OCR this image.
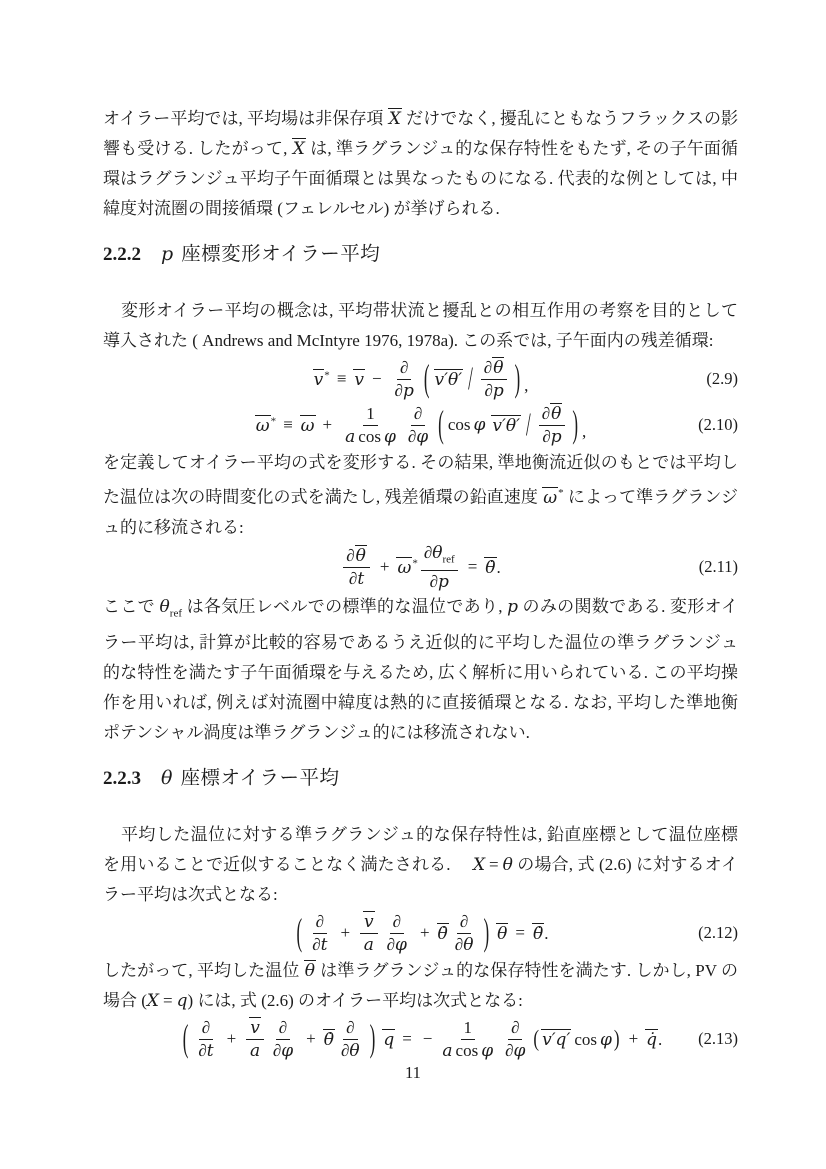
オイラー平均では, 平均場は非保存項 X だけでなく, 擾乱にともなうフラックスの影響も受ける. したがって, X は, 準ラグランジュ的な保存特性をもたず, その子午面循環はラグランジュ平均子午面循環とは異なったものになる. 代表的な例としては, 中緯度対流圏の間接循環 (フェレルセル) が挙げられる.

2.2.2 p 座標変形オイラー平均

変形オイラー平均の概念は, 平均帯状流と擾乱との相互作用の考察を目的として導入された ( Andrews and McIntyre 1976, 1978a). この系では, 子午面内の残差循環:

$v^* \equiv v - \frac{\partial}{\partial p}$ ( $v'\theta' / \frac{\partial\theta}{\partial p}$ ) ,	(2.9)
$\omega^* \equiv \omega + \frac{1}{\text{a cos φ}} \frac{\partial}{\partial\varphi}$ ( cos φ $v'\theta' / \frac{\partial\theta}{\partial p}$ ) ,	(2.10)

を定義してオイラー平均の式を変形する. その結果, 準地衡流近似のもとでは平均した温位は次の時間変化の式を満たし, 残差循環の鉛直速度 ω* によって準ラグランジュ的に移流される:

$\frac{\partial\theta}{\partial t} + \omega^* \frac{\partial\theta_{ref}}{\partial p}$ = θ̇.	(2.11)

ここで $\theta_{ref}$ は各気圧レベルでの標準的な温位であり, p のみの関数である. 変形オイラー平均は, 計算が比較的容易であるうえ近似的に平均した温位の準ラグランジュ的な特性を満たす子午面循環を与えるため, 広く解析に用いられている. この平均操作を用いれば, 例えば対流圏中緯度は熱的に直接循環となる. なお, 平均した準地衡ポテンシャル渦度は準ラグランジュ的には移流されない.

2.2.3 θ 座標オイラー平均

平均した温位に対する準ラグランジュ的な保存特性は, 鉛直座標として温位座標を用いることで近似することなく満たされる. X = θ の場合, 式 (2.6) に対するオイラー平均は次式となる:

( $\frac{\partial}{\partial t} + \frac{v}{a} \frac{\partial}{\partial\varphi}$ + θ̇ $\frac{\partial}{\partial\theta}$ ) θ = θ̇.	(2.12)

したがって, 平均した温位 θ は準ラグランジュ的な保存特性を満たす. しかし, PV の場合 (X = q) には, 式 (2.6) のオイラー平均は次式となる:

( $\frac{\partial}{\partial t} + \frac{v}{a} \frac{\partial}{\partial\varphi}$ + θ̇ $\frac{\partial}{\partial\theta}$ ) q = − $\frac{1}{\text{a cos φ}} \frac{\partial}{\partial\varphi}$ ( v′q′ cos φ ) + q̇. (2.13)
11
